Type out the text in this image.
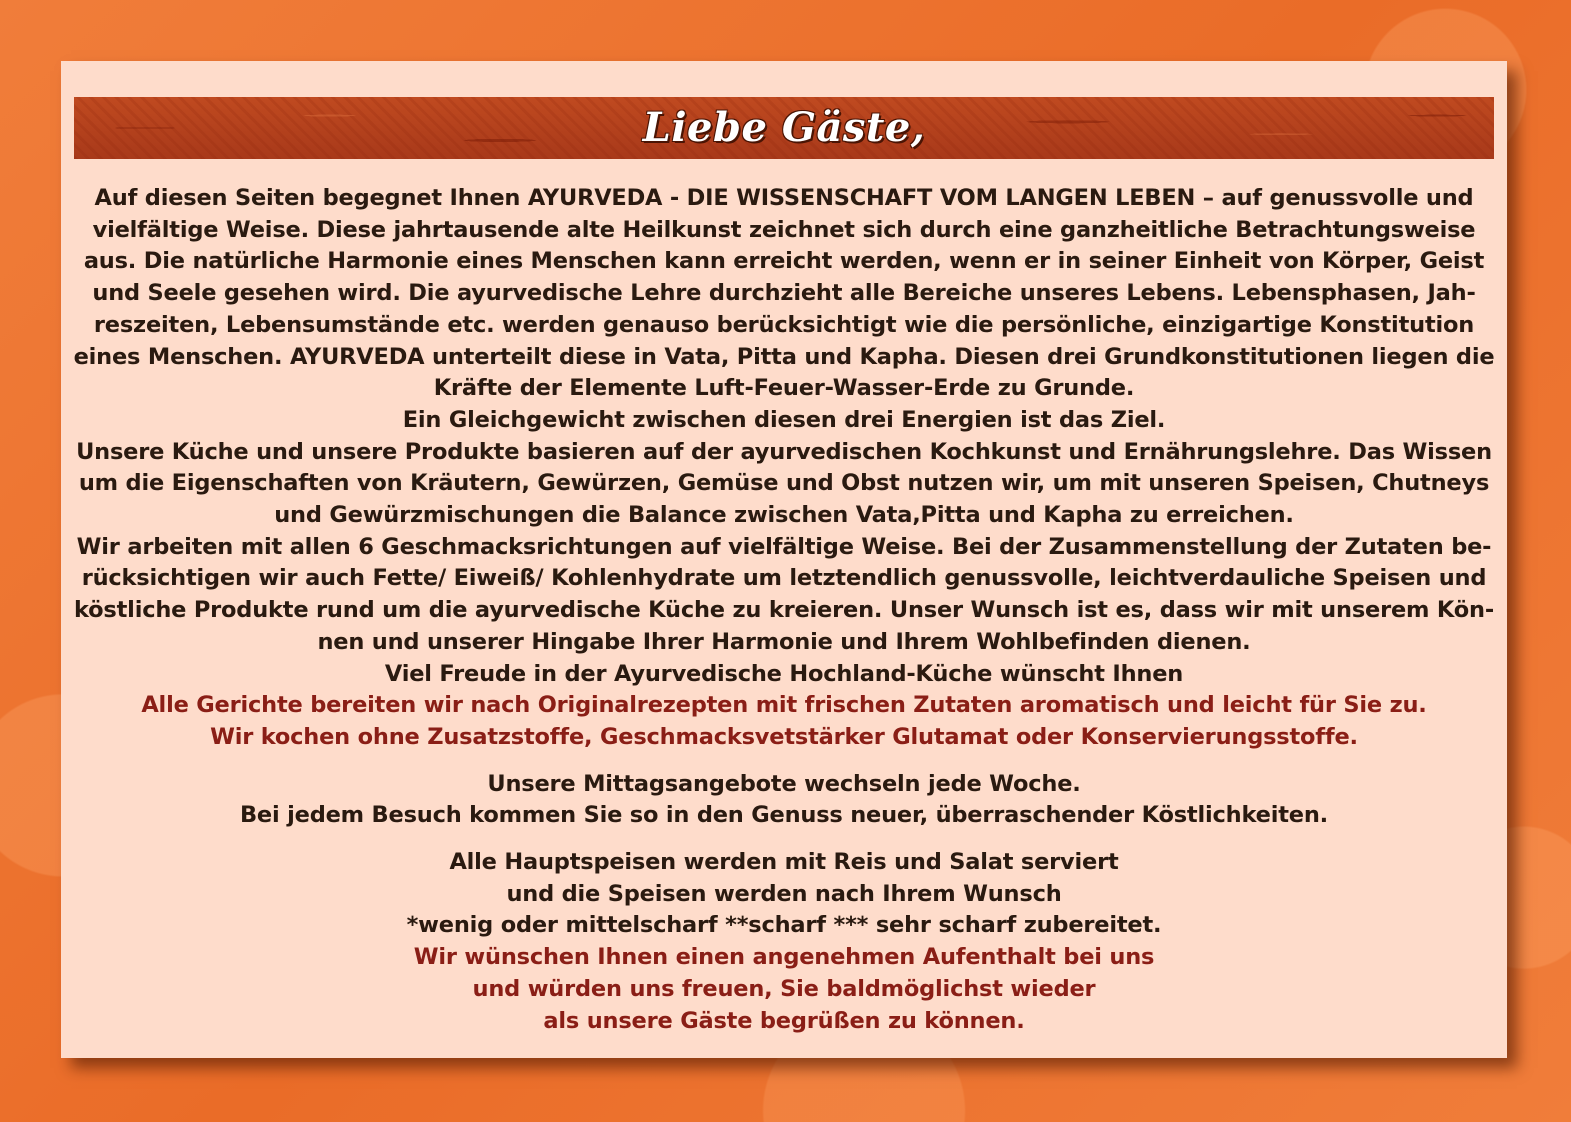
Liebe Gäste,

Auf diesen Seiten begegnet Ihnen AYURVEDA - DIE WISSENSCHAFT VOM LANGEN LEBEN – auf genussvolle und

vielfältige Weise. Diese jahrtausende alte Heilkunst zeichnet sich durch eine ganzheitliche Betrachtungsweise

aus. Die natürliche Harmonie eines Menschen kann erreicht werden, wenn er in seiner Einheit von Körper, Geist

und Seele gesehen wird. Die ayurvedische Lehre durchzieht alle Bereiche unseres Lebens. Lebensphasen, Jah-

reszeiten, Lebensumstände etc. werden genauso berücksichtigt wie die persönliche, einzigartige Konstitution

eines Menschen. AYURVEDA unterteilt diese in Vata, Pitta und Kapha. Diesen drei Grundkonstitutionen liegen die

Kräfte der Elemente Luft-Feuer-Wasser-Erde zu Grunde.

Ein Gleichgewicht zwischen diesen drei Energien ist das Ziel.

Unsere Küche und unsere Produkte basieren auf der ayurvedischen Kochkunst und Ernährungslehre. Das Wissen

um die Eigenschaften von Kräutern, Gewürzen, Gemüse und Obst nutzen wir, um mit unseren Speisen, Chutneys

und Gewürzmischungen die Balance zwischen Vata,Pitta und Kapha zu erreichen.

Wir arbeiten mit allen 6 Geschmacksrichtungen auf vielfältige Weise. Bei der Zusammenstellung der Zutaten be-

rücksichtigen wir auch Fette/ Eiweiß/ Kohlenhydrate um letztendlich genussvolle, leichtverdauliche Speisen und

köstliche Produkte rund um die ayurvedische Küche zu kreieren. Unser Wunsch ist es, dass wir mit unserem Kön-

nen und unserer Hingabe Ihrer Harmonie und Ihrem Wohlbefinden dienen.

Viel Freude in der Ayurvedische Hochland-Küche wünscht Ihnen

Alle Gerichte bereiten wir nach Originalrezepten mit frischen Zutaten aromatisch und leicht für Sie zu.

Wir kochen ohne Zusatzstoffe, Geschmacksvetstärker Glutamat oder Konservierungsstoffe.

Unsere Mittagsangebote wechseln jede Woche.

Bei jedem Besuch kommen Sie so in den Genuss neuer, überraschender Köstlichkeiten.

Alle Hauptspeisen werden mit Reis und Salat serviert

und die Speisen werden nach Ihrem Wunsch

*wenig oder mittelscharf **scharf *** sehr scharf zubereitet.

Wir wünschen Ihnen einen angenehmen Aufenthalt bei uns

und würden uns freuen, Sie baldmöglichst wieder

als unsere Gäste begrüßen zu können.
